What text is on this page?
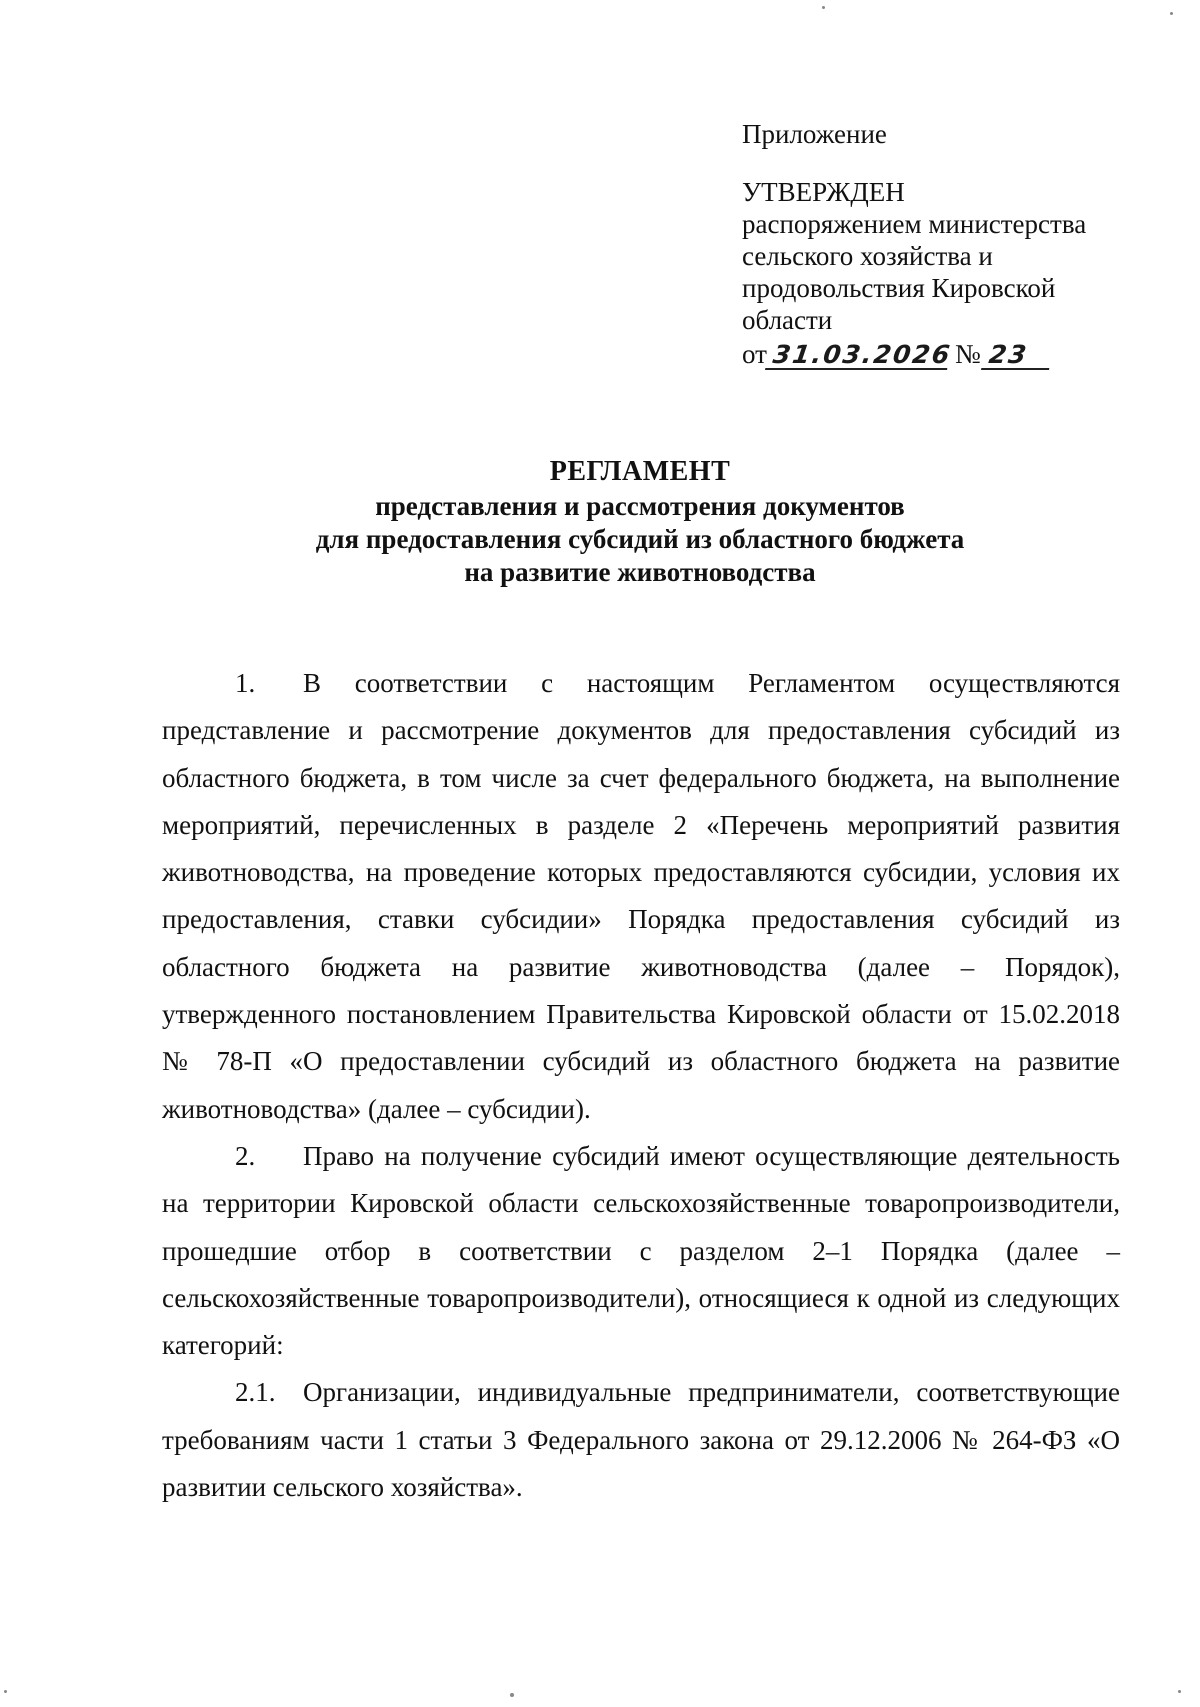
Приложение
УТВЕРЖДЕН
распоряжением министерства
сельского хозяйства и
продовольствия Кировской
области
от 31.03.2026№ 23
РЕГЛАМЕНТ
представления и рассмотрения документов
для предоставления субсидий из областного бюджета
на развитие животноводства

1. В соответствии с настоящим Регламентом осуществляются представление и рассмотрение документов для предоставления субсидий из областного бюджета, в том числе за счет федерального бюджета, на выполнение мероприятий, перечисленных в разделе 2 «Перечень мероприятий развития животноводства, на проведение которых предоставляются субсидии, условия их предоставления, ставки субсидии» Порядка предоставления субсидий из областного бюджета на развитие животноводства (далее – Порядок), утвержденного постановлением Правительства Кировской области от 15.02.2018 № 78-П «О предоставлении субсидий из областного бюджета на развитие животноводства» (далее – субсидии).

2. Право на получение субсидий имеют осуществляющие деятельность на территории Кировской области сельскохозяйственные товаропроизводители, прошедшие отбор в соответствии с разделом 2–1 Порядка (далее – сельскохозяйственные товаропроизводители), относящиеся к одной из следующих категорий:

2.1. Организации, индивидуальные предприниматели, соответствующие требованиям части 1 статьи 3 Федерального закона от 29.12.2006 № 264-ФЗ «О развитии сельского хозяйства».
